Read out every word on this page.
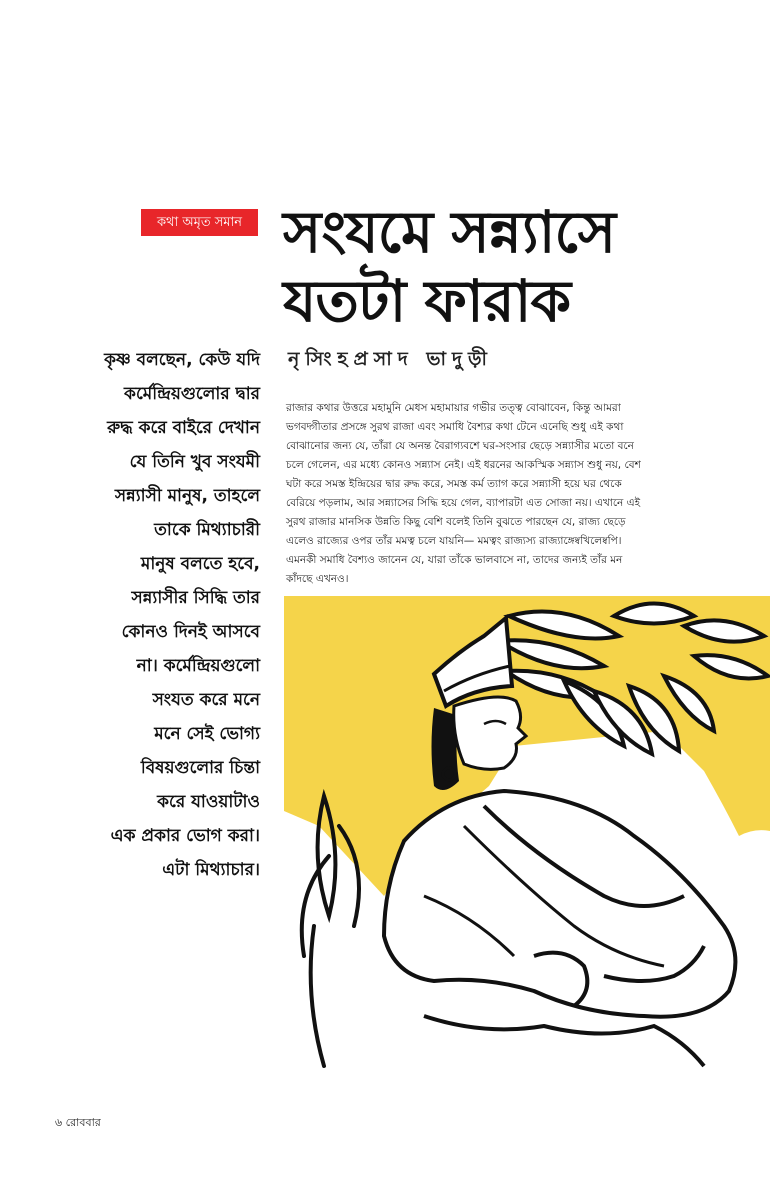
কথা অমৃত সমান সংযমে সন্ন্যাসে
যতটা ফারাক
নৃসিংহপ্রসাদ ভাদুড়ী
কৃষ্ণ বলছেন, কেউ যদি
কর্মেন্দ্রিয়গুলোর দ্বার
রুদ্ধ করে বাইরে দেখান
যে তিনি খুব সংযমী
সন্ন্যাসী মানুষ, তাহলে
তাকে মিথ্যাচারী
মানুষ বলতে হবে,
সন্ন্যাসীর সিদ্ধি তার
কোনও দিনই আসবে
না। কর্মেন্দ্রিয়গুলো
সংযত করে মনে
মনে সেই ভোগ্য
বিষয়গুলোর চিন্তা
করে যাওয়াটাও
এক প্রকার ভোগ করা।
এটা মিথ্যাচার।
রাজার কথার উত্তরে মহামুনি মেধস মহামায়ার গভীর তত্ত্ব বোঝাবেন, কিন্তু আমরা
ভগবদ্গীতার প্রসঙ্গে সুরথ রাজা এবং সমাধি বৈশ্যর কথা টেনে এনেছি শুধু এই কথা
বোঝানোর জন্য যে, তাঁরা যে অনন্ত বৈরাগ্যবশে ঘর-সংসার ছেড়ে সন্ন্যাসীর মতো বনে
চলে গেলেন, এর মধ্যে কোনও সন্ন্যাস নেই। এই ধরনের আকস্মিক সন্ন্যাস শুধু নয়, বেশ
ঘটা করে সমস্ত ইন্দ্রিয়ের দ্বার রুদ্ধ করে, সমস্ত কর্ম ত্যাগ করে সন্ন্যাসী হয়ে ঘর থেকে
বেরিয়ে পড়লাম, আর সন্ন্যাসের সিদ্ধি হয়ে গেল, ব্যাপারটা এত সোজা নয়। এখানে এই
সুরথ রাজার মানসিক উন্নতি কিছু বেশি বলেই তিনি বুঝতে পারছেন যে, রাজ্য ছেড়ে
এলেও রাজ্যের ওপর তাঁর মমত্ব চলে যায়নি— মমত্বং রাজ্যস্য রাজ্যাঙ্গেষ্বখিলেষ্বপি।
এমনকী সমাধি বৈশ্যও জানেন যে, যারা তাঁকে ভালবাসে না, তাদের জন্যই তাঁর মন
কাঁদছে এখনও।
৬ রোববার
